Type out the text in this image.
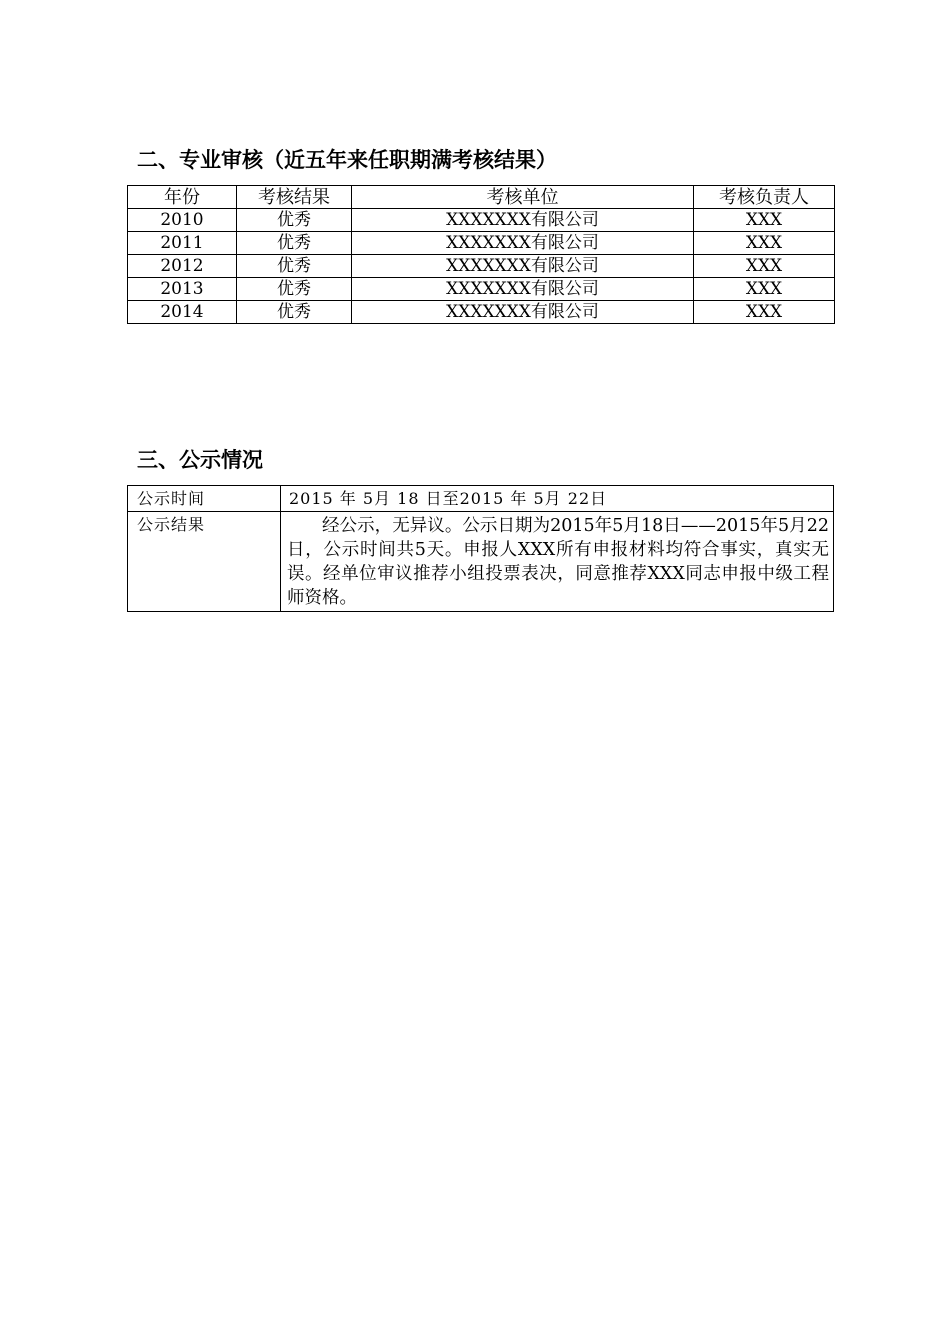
二、专业审核（近五年来任职期满考核结果）
年份	考核结果	考核单位	考核负责人
2010	优秀	XXXXXXX有限公司	XXX
2011	优秀	XXXXXXX有限公司	XXX
2012	优秀	XXXXXXX有限公司	XXX
2013	优秀	XXXXXXX有限公司	XXX
2014	优秀	XXXXXXX有限公司	XXX
三、公示情况
公示时间	2015 年 5月 18 日至2015 年 5月 22日
公示结果	经公示，无异议。公示日期为2015年5月18日——2015年5月22日，公示时间共5天。申报人XXX所有申报材料均符合事实，真实无误。经单位审议推荐小组投票表决，同意推荐XXX同志申报中级工程师资格。
